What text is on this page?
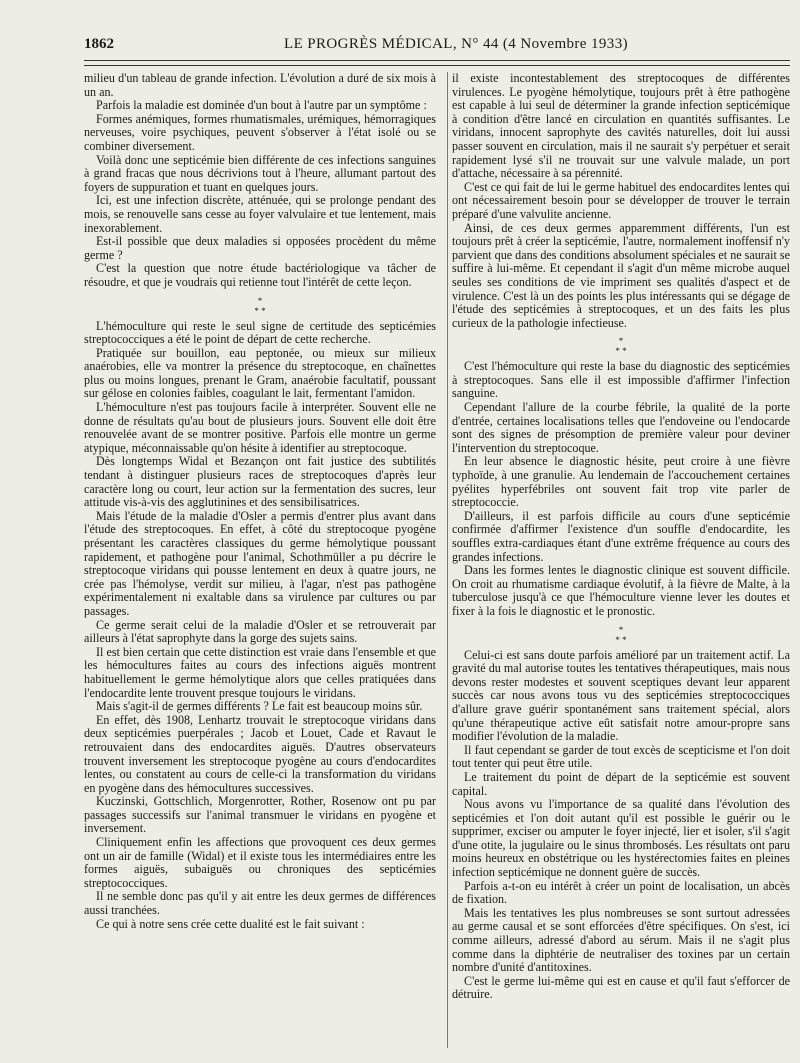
1862	LE PROGRÈS MÉDICAL, N° 44 (4 Novembre 1933)

milieu d'un tableau de grande infection. L'évolution a duré de six mois à un an.

Parfois la maladie est dominée d'un bout à l'autre par un symptôme :

Formes anémiques, formes rhumatismales, urémiques, hémorragiques nerveuses, voire psychiques, peuvent s'observer à l'état isolé ou se combiner diversement.

Voilà donc une septicémie bien différente de ces infections sanguines à grand fracas que nous décrivions tout à l'heure, allumant partout des foyers de suppuration et tuant en quelques jours.

Ici, est une infection discrète, atténuée, qui se prolonge pendant des mois, se renouvelle sans cesse au foyer valvulaire et tue lentement, mais inexorablement.

Est-il possible que deux maladies si opposées procèdent du même germe ?

C'est la question que notre étude bactériologique va tâcher de résoudre, et que je voudrais qui retienne tout l'intérêt de cette leçon.

*
* *

L'hémoculture qui reste le seul signe de certitude des septicémies streptococciques a été le point de départ de cette recherche.

Pratiquée sur bouillon, eau peptonée, ou mieux sur milieux anaérobies, elle va montrer la présence du streptocoque, en chaînettes plus ou moins longues, prenant le Gram, anaérobie facultatif, poussant sur gélose en colonies faibles, coagulant le lait, fermentant l'amidon.

L'hémoculture n'est pas toujours facile à interpréter. Souvent elle ne donne de résultats qu'au bout de plusieurs jours. Souvent elle doit être renouvelée avant de se montrer positive. Parfois elle montre un germe atypique, méconnaissable qu'on hésite à identifier au streptocoque.

Dès longtemps Widal et Bezançon ont fait justice des subtilités tendant à distinguer plusieurs races de streptocoques d'après leur caractère long ou court, leur action sur la fermentation des sucres, leur attitude vis-à-vis des agglutinines et des sensibilisatrices.

Mais l'étude de la maladie d'Osler a permis d'entrer plus avant dans l'étude des streptocoques. En effet, à côté du streptocoque pyogène présentant les caractères classiques du germe hémolytique poussant rapidement, et pathogène pour l'animal, Schothmüller a pu décrire le streptocoque viridans qui pousse lentement en deux à quatre jours, ne crée pas l'hémolyse, verdit sur milieu, à l'agar, n'est pas pathogène expérimentalement ni exaltable dans sa virulence par cultures ou par passages.

Ce germe serait celui de la maladie d'Osler et se retrouverait par ailleurs à l'état saprophyte dans la gorge des sujets sains.

Il est bien certain que cette distinction est vraie dans l'ensemble et que les hémocultures faites au cours des infections aiguës montrent habituellement le germe hémolytique alors que celles pratiquées dans l'endocardite lente trouvent presque toujours le viridans.

Mais s'agit-il de germes différents ? Le fait est beaucoup moins sûr.

En effet, dès 1908, Lenhartz trouvait le streptocoque viridans dans deux septicémies puerpérales ; Jacob et Louet, Cade et Ravaut le retrouvaient dans des endocardites aiguës. D'autres observateurs trouvent inversement les streptocoque pyogène au cours d'endocardites lentes, ou constatent au cours de celle-ci la transformation du viridans en pyogène dans des hémocultures successives.

Kuczinski, Gottschlich, Morgenrotter, Rother, Rosenow ont pu par passages successifs sur l'animal transmuer le viridans en pyogène et inversement.

Cliniquement enfin les affections que provoquent ces deux germes ont un air de famille (Widal) et il existe tous les intermédiaires entre les formes aiguës, subaiguës ou chroniques des septicémies streptococciques.

Il ne semble donc pas qu'il y ait entre les deux germes de différences aussi tranchées.

Ce qui à notre sens crée cette dualité est le fait suivant :

il existe incontestablement des streptocoques de différentes virulences. Le pyogène hémolytique, toujours prêt à être pathogène est capable à lui seul de déterminer la grande infection septicémique à condition d'être lancé en circulation en quantités suffisantes. Le viridans, innocent saprophyte des cavités naturelles, doit lui aussi passer souvent en circulation, mais il ne saurait s'y perpétuer et serait rapidement lysé s'il ne trouvait sur une valvule malade, un port d'attache, nécessaire à sa pérennité.

C'est ce qui fait de lui le germe habituel des endocardites lentes qui ont nécessairement besoin pour se développer de trouver le terrain préparé d'une valvulite ancienne.

Ainsi, de ces deux germes apparemment différents, l'un est toujours prêt à créer la septicémie, l'autre, normalement inoffensif n'y parvient que dans des conditions absolument spéciales et ne saurait se suffire à lui-même. Et cependant il s'agit d'un même microbe auquel seules ses conditions de vie impriment ses qualités d'aspect et de virulence. C'est là un des points les plus intéressants qui se dégage de l'étude des septicémies à streptocoques, et un des faits les plus curieux de la pathologie infectieuse.

*
* *

C'est l'hémoculture qui reste la base du diagnostic des septicémies à streptocoques. Sans elle il est impossible d'affirmer l'infection sanguine.

Cependant l'allure de la courbe fébrile, la qualité de la porte d'entrée, certaines localisations telles que l'endoveine ou l'endocarde sont des signes de présomption de première valeur pour deviner l'intervention du streptocoque.

En leur absence le diagnostic hésite, peut croire à une fièvre typhoïde, à une granulie. Au lendemain de l'accouchement certaines pyélites hyperfébriles ont souvent fait trop vite parler de streptococcie.

D'ailleurs, il est parfois difficile au cours d'une septicémie confirmée d'affirmer l'existence d'un souffle d'endocardite, les souffles extra-cardiaques étant d'une extrême fréquence au cours des grandes infections.

Dans les formes lentes le diagnostic clinique est souvent difficile. On croit au rhumatisme cardiaque évolutif, à la fièvre de Malte, à la tuberculose jusqu'à ce que l'hémoculture vienne lever les doutes et fixer à la fois le diagnostic et le pronostic.

*
* *

Celui-ci est sans doute parfois amélioré par un traitement actif. La gravité du mal autorise toutes les tentatives thérapeutiques, mais nous devons rester modestes et souvent sceptiques devant leur apparent succès car nous avons tous vu des septicémies streptococciques d'allure grave guérir spontanément sans traitement spécial, alors qu'une thérapeutique active eût satisfait notre amour-propre sans modifier l'évolution de la maladie.

Il faut cependant se garder de tout excès de scepticisme et l'on doit tout tenter qui peut être utile.

Le traitement du point de départ de la septicémie est souvent capital.

Nous avons vu l'importance de sa qualité dans l'évolution des septicémies et l'on doit autant qu'il est possible le guérir ou le supprimer, exciser ou amputer le foyer injecté, lier et isoler, s'il s'agit d'une otite, la jugulaire ou le sinus thrombosés. Les résultats ont paru moins heureux en obstétrique ou les hystérectomies faites en pleines infection septicémique ne donnent guère de succès.

Parfois a-t-on eu intérêt à créer un point de localisation, un abcès de fixation.

Mais les tentatives les plus nombreuses se sont surtout adressées au germe causal et se sont efforcées d'être spécifiques. On s'est, ici comme ailleurs, adressé d'abord au sérum. Mais il ne s'agit plus comme dans la diphtérie de neutraliser des toxines par un certain nombre d'unité d'antitoxines.

C'est le germe lui-même qui est en cause et qu'il faut s'efforcer de détruire.
